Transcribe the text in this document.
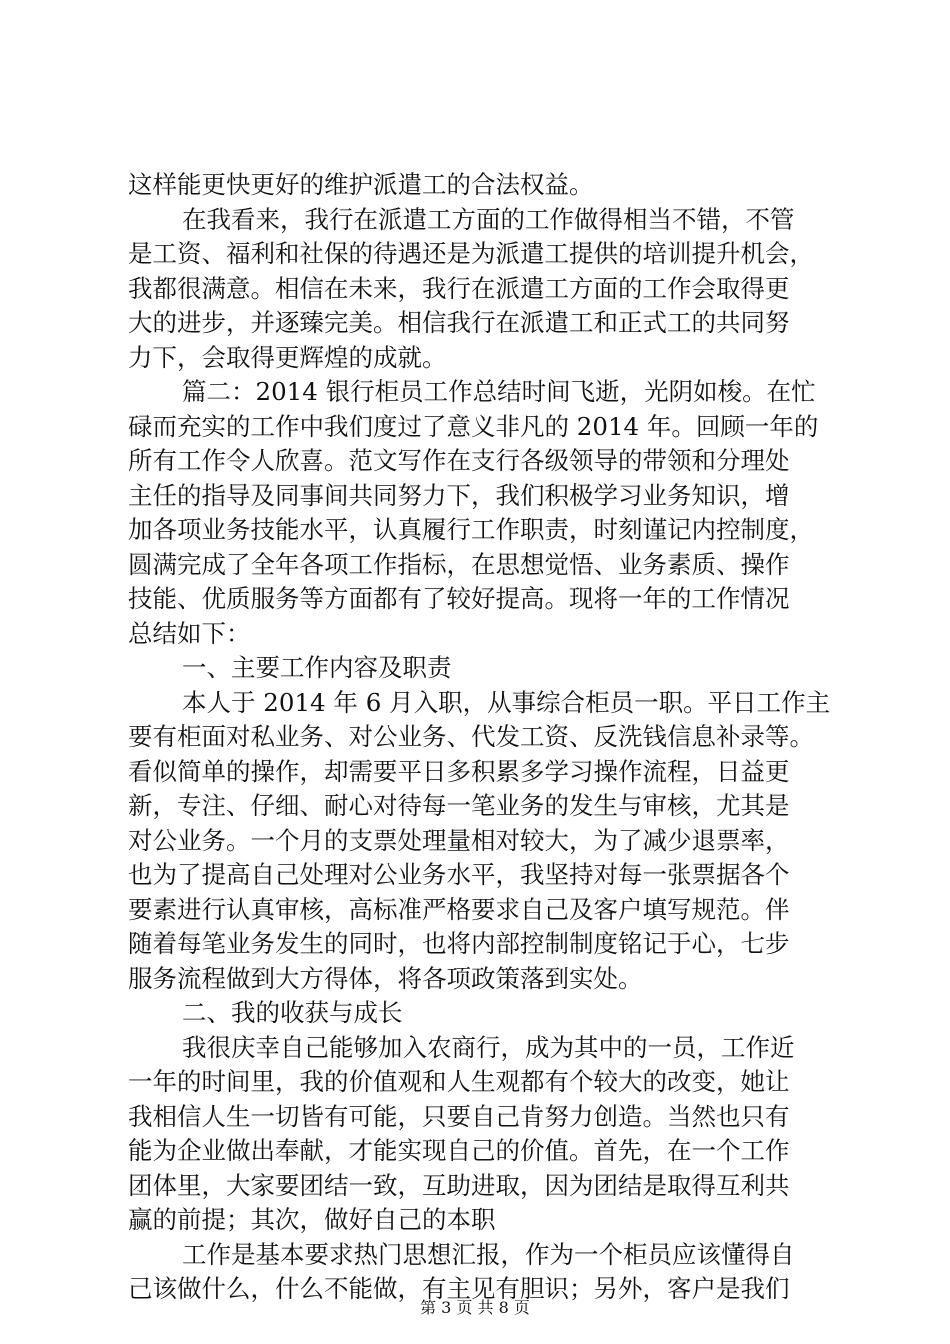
这样能更快更好的维护派遣工的合法权益。
在我看来，我行在派遣工方面的工作做得相当不错，不管
是工资、福利和社保的待遇还是为派遣工提供的培训提升机会，
我都很满意。相信在未来，我行在派遣工方面的工作会取得更
大的进步，并逐臻完美。相信我行在派遣工和正式工的共同努
力下，会取得更辉煌的成就。
篇二：2014 银行柜员工作总结时间飞逝，光阴如梭。在忙
碌而充实的工作中我们度过了意义非凡的 2014 年。回顾一年的
所有工作令人欣喜。范文写作在支行各级领导的带领和分理处
主任的指导及同事间共同努力下，我们积极学习业务知识，增
加各项业务技能水平，认真履行工作职责，时刻谨记内控制度，
圆满完成了全年各项工作指标，在思想觉悟、业务素质、操作
技能、优质服务等方面都有了较好提高。现将一年的工作情况
总结如下：
一、主要工作内容及职责
本人于 2014 年 6 月入职，从事综合柜员一职。平日工作主
要有柜面对私业务、对公业务、代发工资、反洗钱信息补录等。
看似简单的操作，却需要平日多积累多学习操作流程，日益更
新，专注、仔细、耐心对待每一笔业务的发生与审核，尤其是
对公业务。一个月的支票处理量相对较大，为了减少退票率，
也为了提高自己处理对公业务水平，我坚持对每一张票据各个
要素进行认真审核，高标准严格要求自己及客户填写规范。伴
随着每笔业务发生的同时，也将内部控制制度铭记于心，七步
服务流程做到大方得体，将各项政策落到实处。
二、我的收获与成长
我很庆幸自己能够加入农商行，成为其中的一员，工作近
一年的时间里，我的价值观和人生观都有个较大的改变，她让
我相信人生一切皆有可能，只要自己肯努力创造。当然也只有
能为企业做出奉献，才能实现自己的价值。首先，在一个工作
团体里，大家要团结一致，互助进取，因为团结是取得互利共
赢的前提；其次，做好自己的本职
工作是基本要求热门思想汇报，作为一个柜员应该懂得自
己该做什么，什么不能做，有主见有胆识；另外，客户是我们
第 3 页 共 8 页
